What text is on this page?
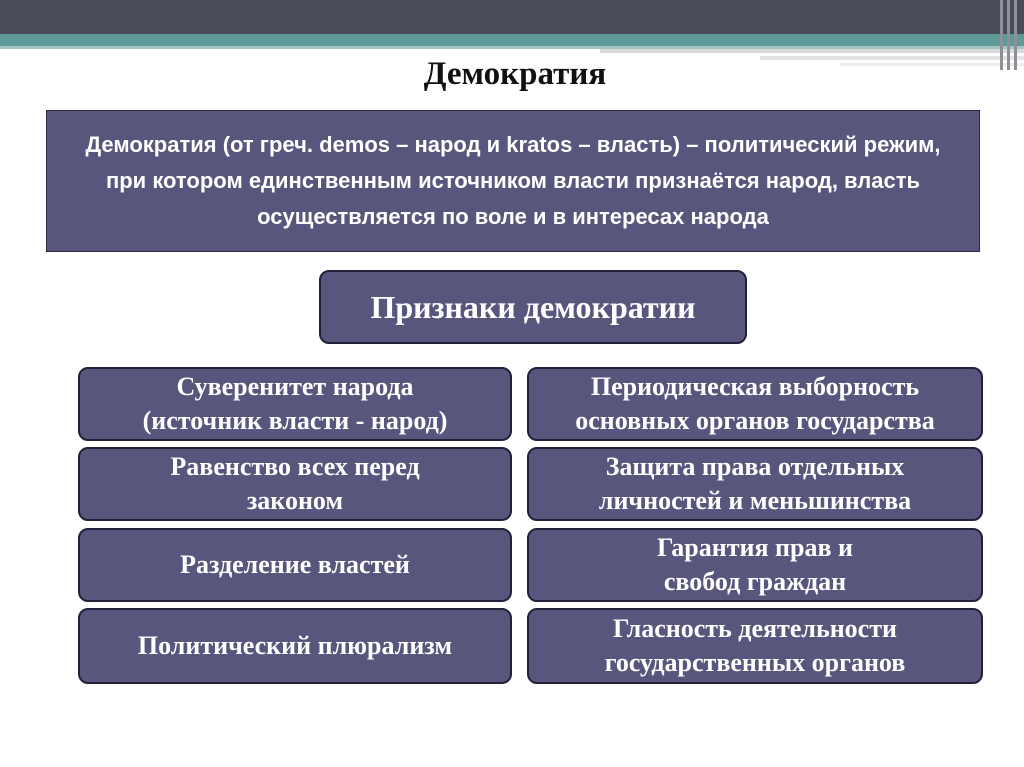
Демократия
Демократия (от греч. demos – народ и kratos – власть) – политический режим, при котором единственным источником власти признаётся народ, власть осуществляется по воле и в интересах народа
Признаки демократии
Суверенитет народа
(источник власти - народ)
Равенство всех перед
законом
Разделение властей
Политический плюрализм
Периодическая выборность
основных органов государства
Защита права отдельных
личностей и меньшинства
Гарантия прав и
свобод граждан
Гласность деятельности
государственных органов
